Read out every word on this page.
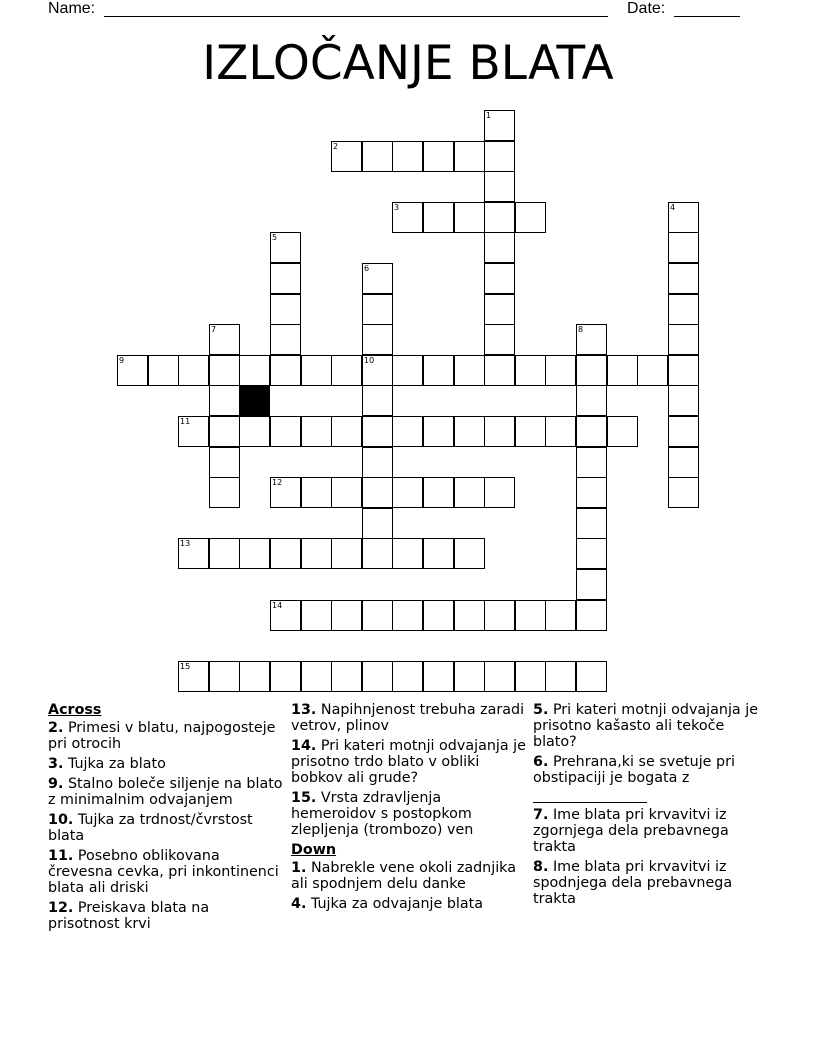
Name:	Date:
IZLOČANJE BLATA
1
2
3	4
5
6
7	8
9	10
11
12
13
14
15

Across

2. Primesi v blatu, najpogosteje pri otrocih

3. Tujka za blato

9. Stalno boleče siljenje na blato z minimalnim odvajanjem

10. Tujka za trdnost/čvrstost blata

11. Posebno oblikovana črevesna cevka, pri inkontinenci blata ali driski

12. Preiskava blata na prisotnost krvi

13. Napihnjenost trebuha zaradi vetrov, plinov

14. Pri kateri motnji odvajanja je prisotno trdo blato v obliki bobkov ali grude?

15. Vrsta zdravljenja hemeroidov s postopkom zlepljenja (trombozo) ven

Down

1. Nabrekle vene okoli zadnjika ali spodnjem delu danke

4. Tujka za odvajanje blata

5. Pri kateri motnji odvajanja je prisotno kašasto ali tekoče blato?

6. Prehrana,ki se svetuje pri obstipaciji je bogata z

7. Ime blata pri krvavitvi iz zgornjega dela prebavnega trakta

8. Ime blata pri krvavitvi iz spodnjega dela prebavnega trakta
